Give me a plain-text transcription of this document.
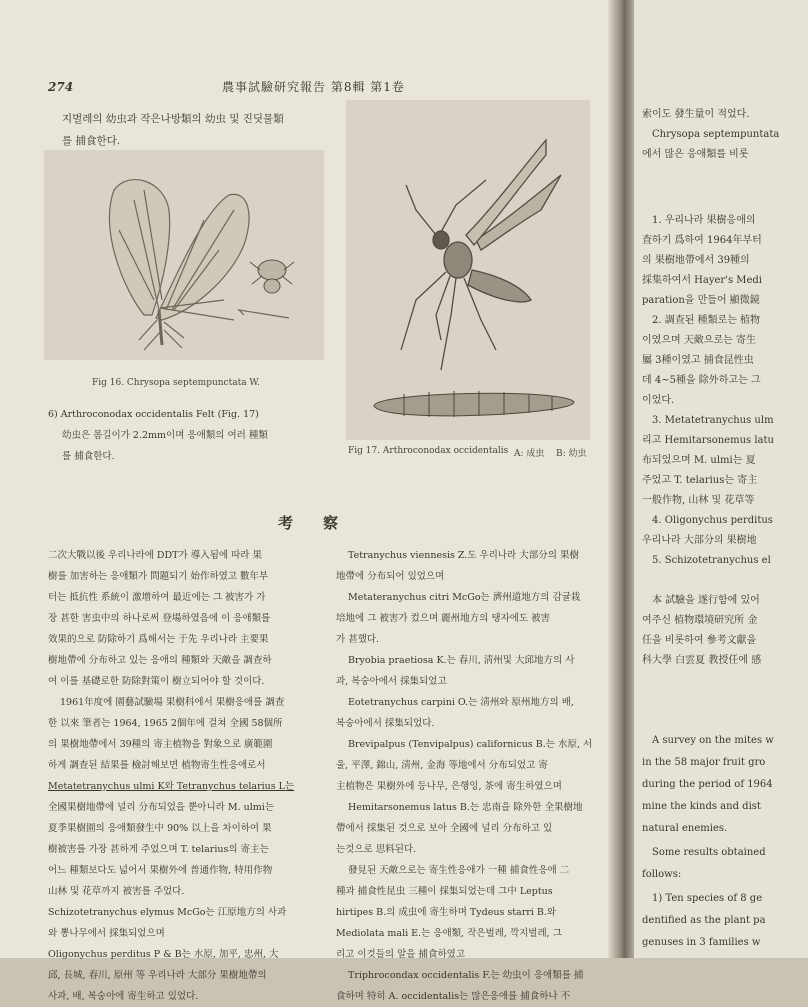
274	農事試驗研究報告 第8輯 第1卷
지벌레의 幼虫과 작은나방類의 幼虫 및 진딧물類
를 捕食한다.
Fig 16. Chrysopa septempunctata W.
6) Arthroconodax occidentalis Felt (Fig. 17)
幼虫은 몸길이가 2.2mm이며 응애類의 여러 種類
를 捕食한다.	Fig 17. Arthroconodax occidentalis A: 成虫 B: 幼虫
考　　察
二次大戰以後 우리나라에 DDT가 導入됨에 따라 果
樹를 加害하는 응애類가 問題되기 始作하였고 數年부
터는 抵抗性 系統이 激增하여 最近에는 그 被害가 가
장 甚한 害虫中의 하나로써 登場하였음에 이 응애類를
效果的으로 防除하기 爲해서는 于先 우리나라 主要果
樹地帶에 分布하고 있는 응애의 種類와 天敵을 調查하
여 이를 基礎로한 防除對策이 樹立되어야 할 것이다.
1961年度에 園藝試驗場 果樹科에서 果樹응애를 調查
한 以來 筆者는 1964, 1965 2個年에 걸쳐 全國 58個所
의 果樹地帶에서 39種의 寄主植物을 對象으로 廣範圍
하게 調查된 結果를 檢討해보면 植物寄生性응애로서
Metatetranychus ulmi K와 Tetranychus telarius L는
全國果樹地帶에 널리 分布되었을 뿐아니라 M. ulmi는
夏季果樹園의 응애類發生中 90% 以上을 차이하여 果
樹被害를 가장 甚하게 주었으며 T. telarius의 寄主는
어느 種類보다도 넓어서 果樹外에 普通作物, 特用作物
山林 및 花草까지 被害를 주었다.
Schizotetranychus elymus McGo는 江原地方의 사과
와 뽕나무에서 採集되었으며
Oligonychus perditus P & B는 水原, 加平, 忠州, 大
邱, 長城, 春川, 原州 等 우리나라 大部分 果樹地帶의
사과, 배, 복숭아에 寄生하고 있었다.
Tetranychus viennesis Z.도 우리나라 大部分의 果樹
地帶에 分布되어 있었으며
Metateranychus citri McGo는 濟州道地方의 감귤栽
培地에 그 被害가 컸으며 麗州地方의 탱자에도 被害
가 甚했다.
Bryobia praetiosa K.는 春川, 淸州및 大邱地方의 사
과, 복숭아에서 採集되었고
Eotetranychus carpini O.는 淸州와 原州地方의 배,
복숭아에서 採集되었다.
Brevipalpus (Tenvipalpus) californicus B.는 水原, 서
울, 平澤, 錦山, 淸州, 金海 等地에서 分布되었고 寄
主植物은 果樹外에 등나무, 은행잉, 茶에 寄生하였으며
Hemitarsonemus latus B.는 忠南을 除外한 全果樹地
帶에서 採集된 것으로 보아 全國에 널리 分布하고 있
는것으로 思料된다.
發見된 天敵으로는 寄生性응애가 一種 捕食性응애 二
種과 捕食性昆虫 三種이 採集되었는데 그中 Leptus
hirtipes B.의 成虫에 寄生하며 Tydeus starri B.와
Mediolata mali E.는 응애類, 작은벌레, 깍지벌레, 그
리고 이것들의 알을 捕食하였고
Triphrocondax occidentalis F.는 幼虫이 응애類를 捕
食하며 特히 A. occidentalis는 많은응애를 捕食하나 不
索이도 發生量이 적었다.
Chrysopa septempuntata
에서 많은 응애類를 비롯
1. 우리나라 果樹응애의
査하기 爲하여 1964年부터
의 果樹地帶에서 39種의
採集하여서 Hayer's Medi
paration을 만들어 顯微鏡
2. 調查된 種類로는 植物
이였으며 天敵으로는 寄生
屬 3種이였고 捕食昆性虫
데 4~5種을 除外하고는 그
이었다.
3. Metatetranychus ulm
리고 Hemitarsonemus latu
布되었으며 M. ulmi는 夏
주었고 T. telarius는 寄主
一般作物, 山林 및 花草等
4. Oligonychus perditus
우리나라 大部分의 果樹地
5. Schizotetranychus el
本 試驗을 遂行함에 있어
여주신 植物環境研究所 金
任을 비롯하여 參考文獻을
科大學 白雲夏 教授任에 感
A survey on the mites w
in the 58 major fruit gro
during the period of 1964
mine the kinds and dist
natural enemies.
Some results obtained
follows:
1) Ten species of 8 ge
dentified as the plant pa
genuses in 3 families w
